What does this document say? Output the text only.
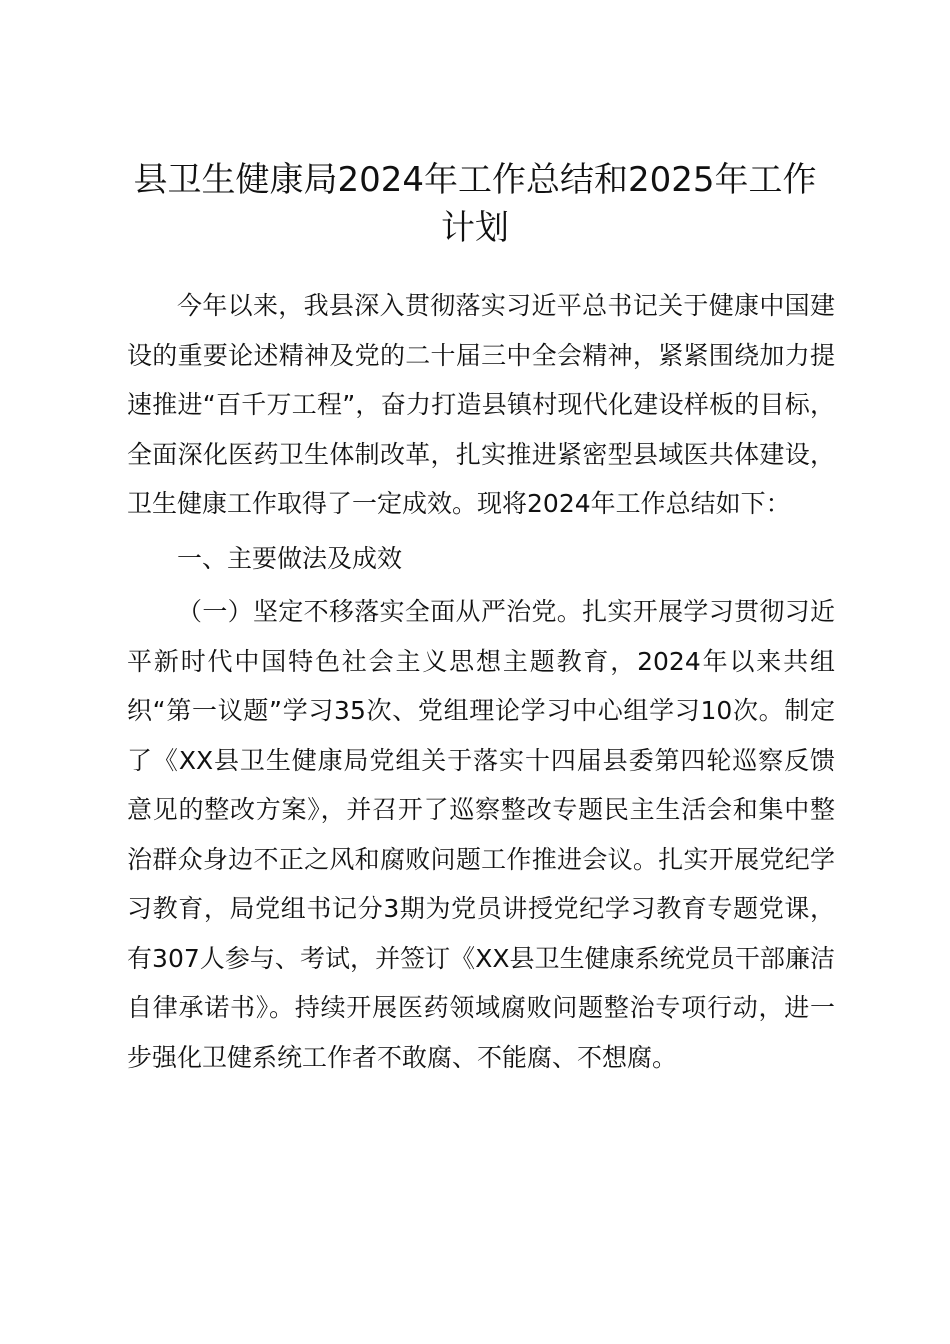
县卫生健康局2024年工作总结和2025年工作计划

今年以来，我县深入贯彻落实习近平总书记关于健康中国建设的重要论述精神及党的二十届三中全会精神，紧紧围绕加力提速推进“百千万工程”，奋力打造县镇村现代化建设样板的目标，全面深化医药卫生体制改革，扎实推进紧密型县域医共体建设，卫生健康工作取得了一定成效。现将2024年工作总结如下：

一、主要做法及成效

（一）坚定不移落实全面从严治党。扎实开展学习贯彻习近平新时代中国特色社会主义思想主题教育，2024年以来共组织“第一议题”学习35次、党组理论学习中心组学习10次。制定了《XX县卫生健康局党组关于落实十四届县委第四轮巡察反馈意见的整改方案》，并召开了巡察整改专题民主生活会和集中整治群众身边不正之风和腐败问题工作推进会议。扎实开展党纪学习教育，局党组书记分3期为党员讲授党纪学习教育专题党课，有307人参与、考试，并签订《XX县卫生健康系统党员干部廉洁自律承诺书》。持续开展医药领域腐败问题整治专项行动，进一步强化卫健系统工作者不敢腐、不能腐、不想腐。
